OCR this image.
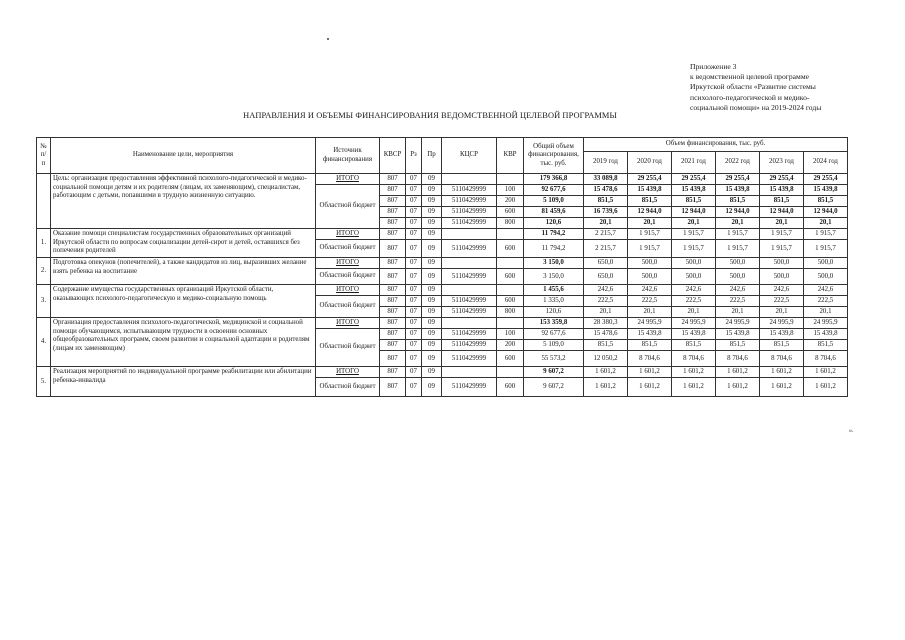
Приложение 3
к ведомственной целевой программе
Иркутской области «Развитие системы
психолого-педагогической и медико-
социальной помощи» на 2019-2024 годы
НАПРАВЛЕНИЯ И ОБЪЕМЫ ФИНАНСИРОВАНИЯ ВЕДОМСТВЕННОЙ ЦЕЛЕВОЙ ПРОГРАММЫ
№
п/п	Наименование цели, мероприятия	Источник финансирования	КВСР	Рз	Пр	КЦСР	КВР	Общий объем финансирования, тыс. руб.	Объем финансирования, тыс. руб.					
									2019 год	2020 год	2021 год	2022 год	2023 год	2024 год
	Цель: организация предоставления эффективной психолого-педагогической и медико-социальной помощи детям и их родителям (лицам, их заменяющим), специалистам, работающим с детьми, попавшими в трудную жизненную ситуацию.	ИТОГО	807	07	09			179 366,8	33 089,8	29 255,4	29 255,4	29 255,4	29 255,4	29 255,4
		Областной бюджет	807	07	09	5110429999	100	92 677,6	15 478,6	15 439,8	15 439,8	15 439,8	15 439,8	15 439,8
			807	07	09	5110429999	200	5 109,0	851,5	851,5	851,5	851,5	851,5	851,5
			807	07	09	5110429999	600	81 459,6	16 739,6	12 944,0	12 944,0	12 944,0	12 944,0	12 944,0
			807	07	09	5110429999	800	120,6	20,1	20,1	20,1	20,1	20,1	20,1
1.	Оказание помощи специалистам государственных образовательных организаций Иркутской области по вопросам социализации детей-сирот и детей, оставшихся без попечения родителей	ИТОГО	807	07	09			11 794,2	2 215,7	1 915,7	1 915,7	1 915,7	1 915,7	1 915,7
		Областной бюджет	807	07	09	5110429999	600	11 794,2	2 215,7	1 915,7	1 915,7	1 915,7	1 915,7	1 915,7
2.	Подготовка опекунов (попечителей), а также кандидатов из лиц, выразивших желание взять ребенка на воспитание	ИТОГО	807	07	09			3 150,0	650,0	500,0	500,0	500,0	500,0	500,0
		Областной бюджет	807	07	09	5110429999	600	3 150,0	650,0	500,0	500,0	500,0	500,0	500,0
3.	Содержание имущества государственных организаций Иркутской области, оказывающих психолого-педагогическую и медико-социальную помощь	ИТОГО	807	07	09			1 455,6	242,6	242,6	242,6	242,6	242,6	242,6
		Областной бюджет	807	07	09	5110429999	600	1 335,0	222,5	222,5	222,5	222,5	222,5	222,5
			807	07	09	5110429999	800	120,6	20,1	20,1	20,1	20,1	20,1	20,1
4.	Организация предоставления психолого-педагогической, медицинской и социальной помощи обучающимся, испытывающим трудности в освоении основных общеобразовательных программ, своем развитии и социальной адаптации и родителям (лицам их заменяющим)	ИТОГО	807	07	09			153 359,8	28 380,3	24 995,9	24 995,9	24 995,9	24 995,9	24 995,9
		Областной бюджет	807	07	09	5110429999	100	92 677,6	15 478,6	15 439,8	15 439,8	15 439,8	15 439,8	15 439,8
			807	07	09	5110429999	200	5 109,0	851,5	851,5	851,5	851,5	851,5	851,5
			807	07	09	5110429999	600	55 573,2	12 050,2	8 704,6	8 704,6	8 704,6	8 704,6	8 704,6
5.	Реализация мероприятий по индивидуальной программе реабилитации или абилитации ребенка-инвалида	ИТОГО	807	07	09			9 607,2	1 601,2	1 601,2	1 601,2	1 601,2	1 601,2	1 601,2
		Областной бюджет	807	07	09	5110429999	600	9 607,2	1 601,2	1 601,2	1 601,2	1 601,2	1 601,2	1 601,2
».
